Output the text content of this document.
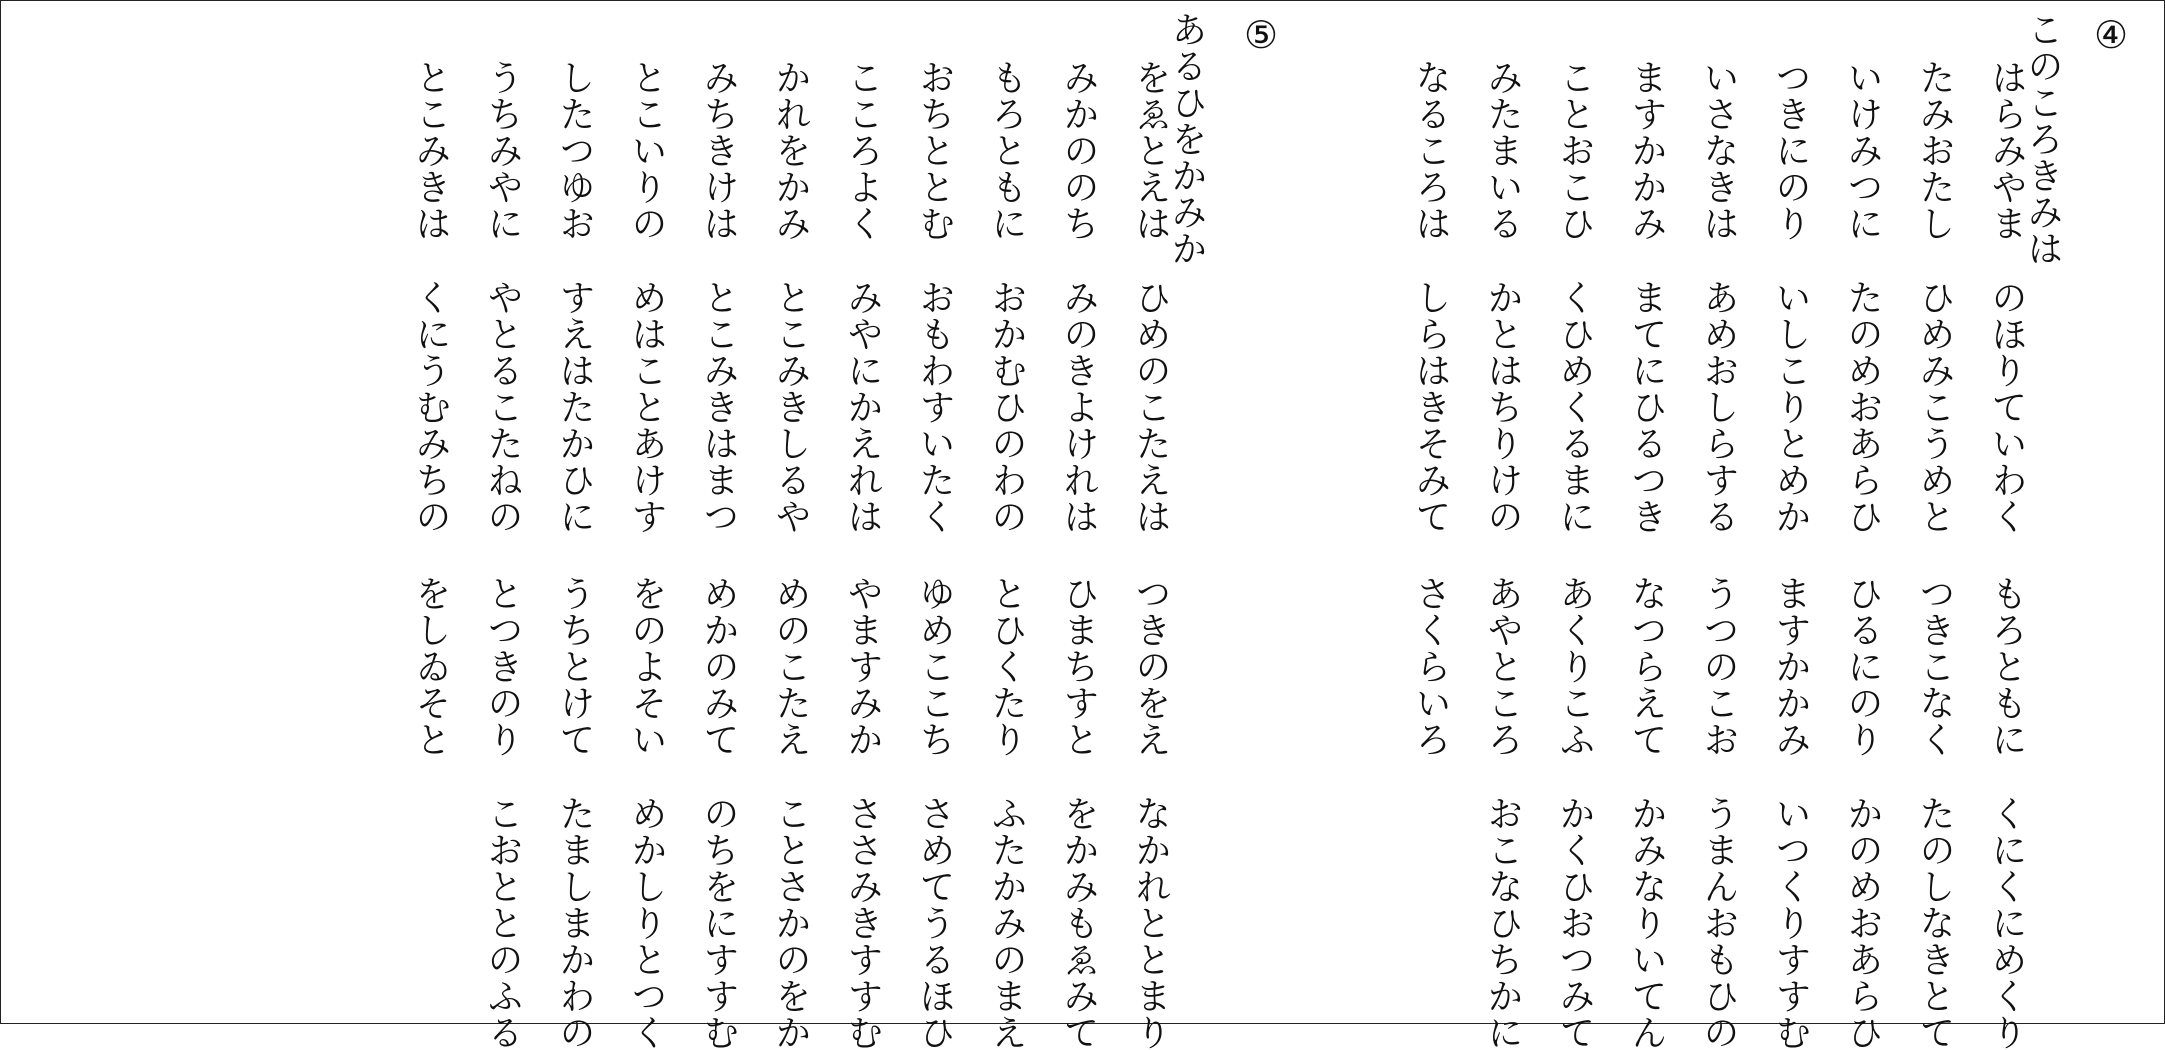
④
このころきみは

はらみやまのほりていわくもろともにくにくにめくり

たみおたしひめみこうめとつきこなくたのしなきとて

いけみつにたのめおあらひひるにのりかのめおあらひ

つきにのりいしこりとめかますかかみいつくりすすむ

いさなきはあめおしらするうつのこおうまんおもひの

ますかかみまてにひるつきなつらえてかみなりいてん

ことおこひくひめくるまにあくりこふかくひおつみて

みたまいるかとはちりけのあやところおこなひちかに

なるころはしらはきそみてさくらいろ

⑤
あるひをかみか

をゑとえはひめのこたえはつきのをえなかれととまり

みかののちみのきよけれはひまちすとをかみもゑみて

もろともにおかむひのわのとひくたりふたかみのまえ

おちととむおもわすいたくゆめここちさめてうるほひ

こころよくみやにかえれはやますみかささみきすすむ

かれをかみとこみきしるやめのこたえことさかのをか

みちきけはとこみきはまつめかのみてのちをにすすむ

とこいりのめはことあけすをのよそいめかしりとつく

したつゆおすえはたかひにうちとけてたましまかわの

うちみやにやとるこたねのとつきのりこおととのふる

とこみきはくにうむみちのをしゐそと
